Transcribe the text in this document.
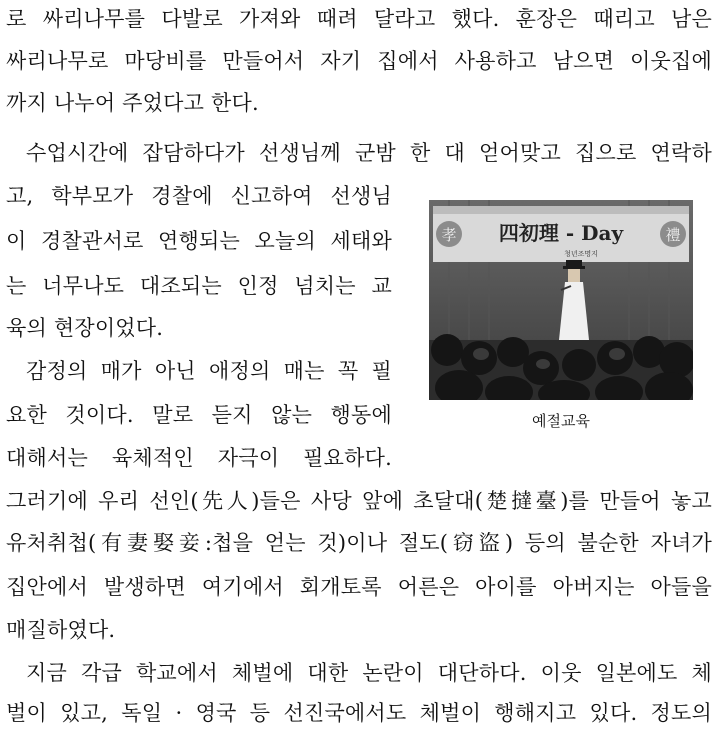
로 싸리나무를 다발로 가져와 때려 달라고 했다. 훈장은 때리고 남은
싸리나무로 마당비를 만들어서 자기 집에서 사용하고 남으면 이웃집에
까지 나누어 주었다고 한다.
수업시간에 잡담하다가 선생님께 군밤 한 대 얻어맞고 집으로 연락하
고, 학부모가 경찰에 신고하여 선생님
이 경찰관서로 연행되는 오늘의 세태와
는 너무나도 대조되는 인정 넘치는 교
육의 현장이었다.
감정의 매가 아닌 애정의 매는 꼭 필
요한 것이다. 말로 듣지 않는 행동에
대해서는 육체적인 자극이 필요하다.
그러기에 우리 선인(先人)들은 사당 앞에 초달대(楚撻臺)를 만들어 놓고
유처취첩(有妻娶妾:첩을 얻는 것)이나 절도(窃盜) 등의 불순한 자녀가
집안에서 발생하면 여기에서 회개토록 어른은 아이를 아버지는 아들을
매질하였다.
지금 각급 학교에서 체벌에 대한 논란이 대단하다. 이웃 일본에도 체
벌이 있고, 독일 · 영국 등 선진국에서도 체벌이 행해지고 있다. 정도의
孝	禮
四初理 - Day
청년조명지
예절교육
